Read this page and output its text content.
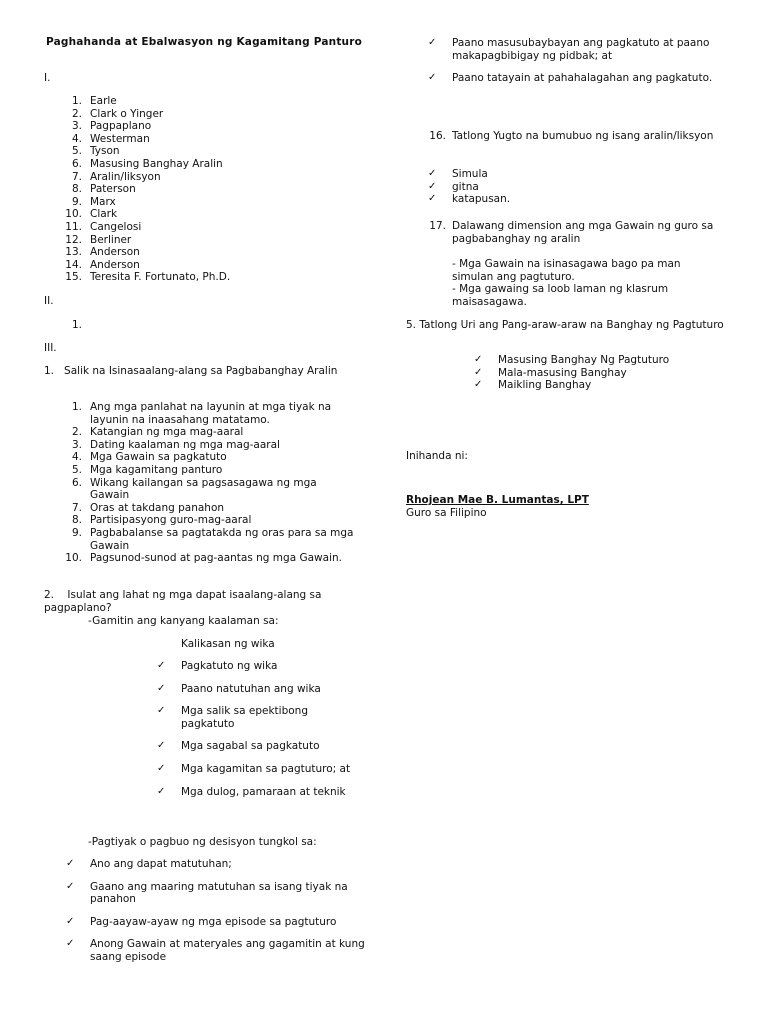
Paghahanda at Ebalwasyon ng Kagamitang Panturo
I.
1. Earle
2. Clark o Yinger
3. Pagpaplano
4. Westerman
5. Tyson
6. Masusing Banghay Aralin
7. Aralin/liksyon
8. Paterson
9. Marx
10. Clark
11. Cangelosi
12. Berliner
13. Anderson
14. Anderson
15. Teresita F. Fortunato, Ph.D.
II.
1.
III.
1. Salik na Isinasaalang-alang sa Pagbabanghay Aralin
1. Ang mga panlahat na layunin at mga tiyak na layunin na inaasahang matatamo.
2. Katangian ng mga mag-aaral
3. Dating kaalaman ng mga mag-aaral
4. Mga Gawain sa pagkatuto
5. Mga kagamitang panturo
6. Wikang kailangan sa pagsasagawa ng mga Gawain
7. Oras at takdang panahon
8. Partisipasyong guro-mag-aaral
9. Pagbabalanse sa pagtatakda ng oras para sa mga Gawain
10. Pagsunod-sunod at pag-aantas ng mga Gawain.
2. Isulat ang lahat ng mga dapat isaalang-alang sa pagpaplano?
-Gamitin ang kanyang kaalaman sa:
Kalikasan ng wika
✓ Pagkatuto ng wika
✓ Paano natutuhan ang wika
✓ Mga salik sa epektibong pagkatuto
✓ Mga sagabal sa pagkatuto
✓ Mga kagamitan sa pagtuturo; at
✓ Mga dulog, pamaraan at teknik
-Pagtiyak o pagbuo ng desisyon tungkol sa:
✓ Ano ang dapat matutuhan;
✓ Gaano ang maaring matutuhan sa isang tiyak na panahon
✓ Pag-aayaw-ayaw ng mga episode sa pagtuturo
✓ Anong Gawain at materyales ang gagamitin at kung saang episode
✓ Paano masusubaybayan ang pagkatuto at paano makapagbibigay ng pidbak; at
✓ Paano tatayain at pahahalagahan ang pagkatuto.
16. Tatlong Yugto na bumubuo ng isang aralin/liksyon
✓ Simula
✓ gitna
✓ katapusan.
17. Dalawang dimension ang mga Gawain ng guro sa pagbabanghay ng aralin
- Mga Gawain na isinasagawa bago pa man simulan ang pagtuturo.
- Mga gawaing sa loob laman ng klasrum maisasagawa.
5. Tatlong Uri ang Pang-araw-araw na Banghay ng Pagtuturo
✓ Masusing Banghay Ng Pagtuturo
✓ Mala-masusing Banghay
✓ Maikling Banghay
Inihanda ni:
Rhojean Mae B. Lumantas, LPT
Guro sa Filipino
